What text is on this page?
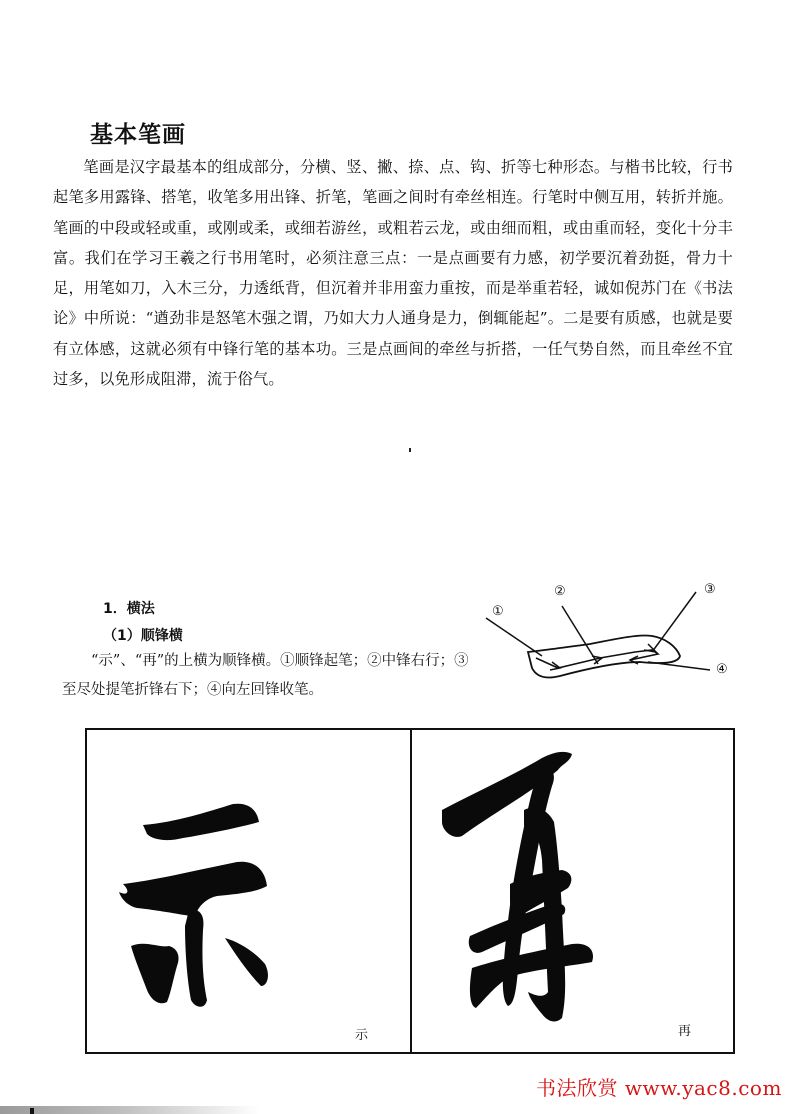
基本笔画

笔画是汉字最基本的组成部分，分横、竖、撇、捺、点、钩、折等七种形态。与楷书比较，行书起笔多用露锋、搭笔，收笔多用出锋、折笔，笔画之间时有牵丝相连。行笔时中侧互用，转折并施。笔画的中段或轻或重，或刚或柔，或细若游丝，或粗若云龙，或由细而粗，或由重而轻，变化十分丰富。我们在学习王羲之行书用笔时，必须注意三点：一是点画要有力感，初学要沉着劲挺，骨力十足，用笔如刀，入木三分，力透纸背，但沉着并非用蛮力重按，而是举重若轻，诚如倪苏门在《书法论》中所说：“遒劲非是怒笔木强之谓，乃如大力人通身是力，倒辄能起”。二是要有质感，也就是要有立体感，这就必须有中锋行笔的基本功。三是点画间的牵丝与折搭，一任气势自然，而且牵丝不宜过多，以免形成阻滞，流于俗气。

1．横法
（1）顺锋横

“示”、“再”的上横为顺锋横。①顺锋起笔；②中锋右行；③至尽处提笔折锋右下；④向左回锋收笔。

①
②	③
④
示	再
书法欣赏 www.yac8.com
